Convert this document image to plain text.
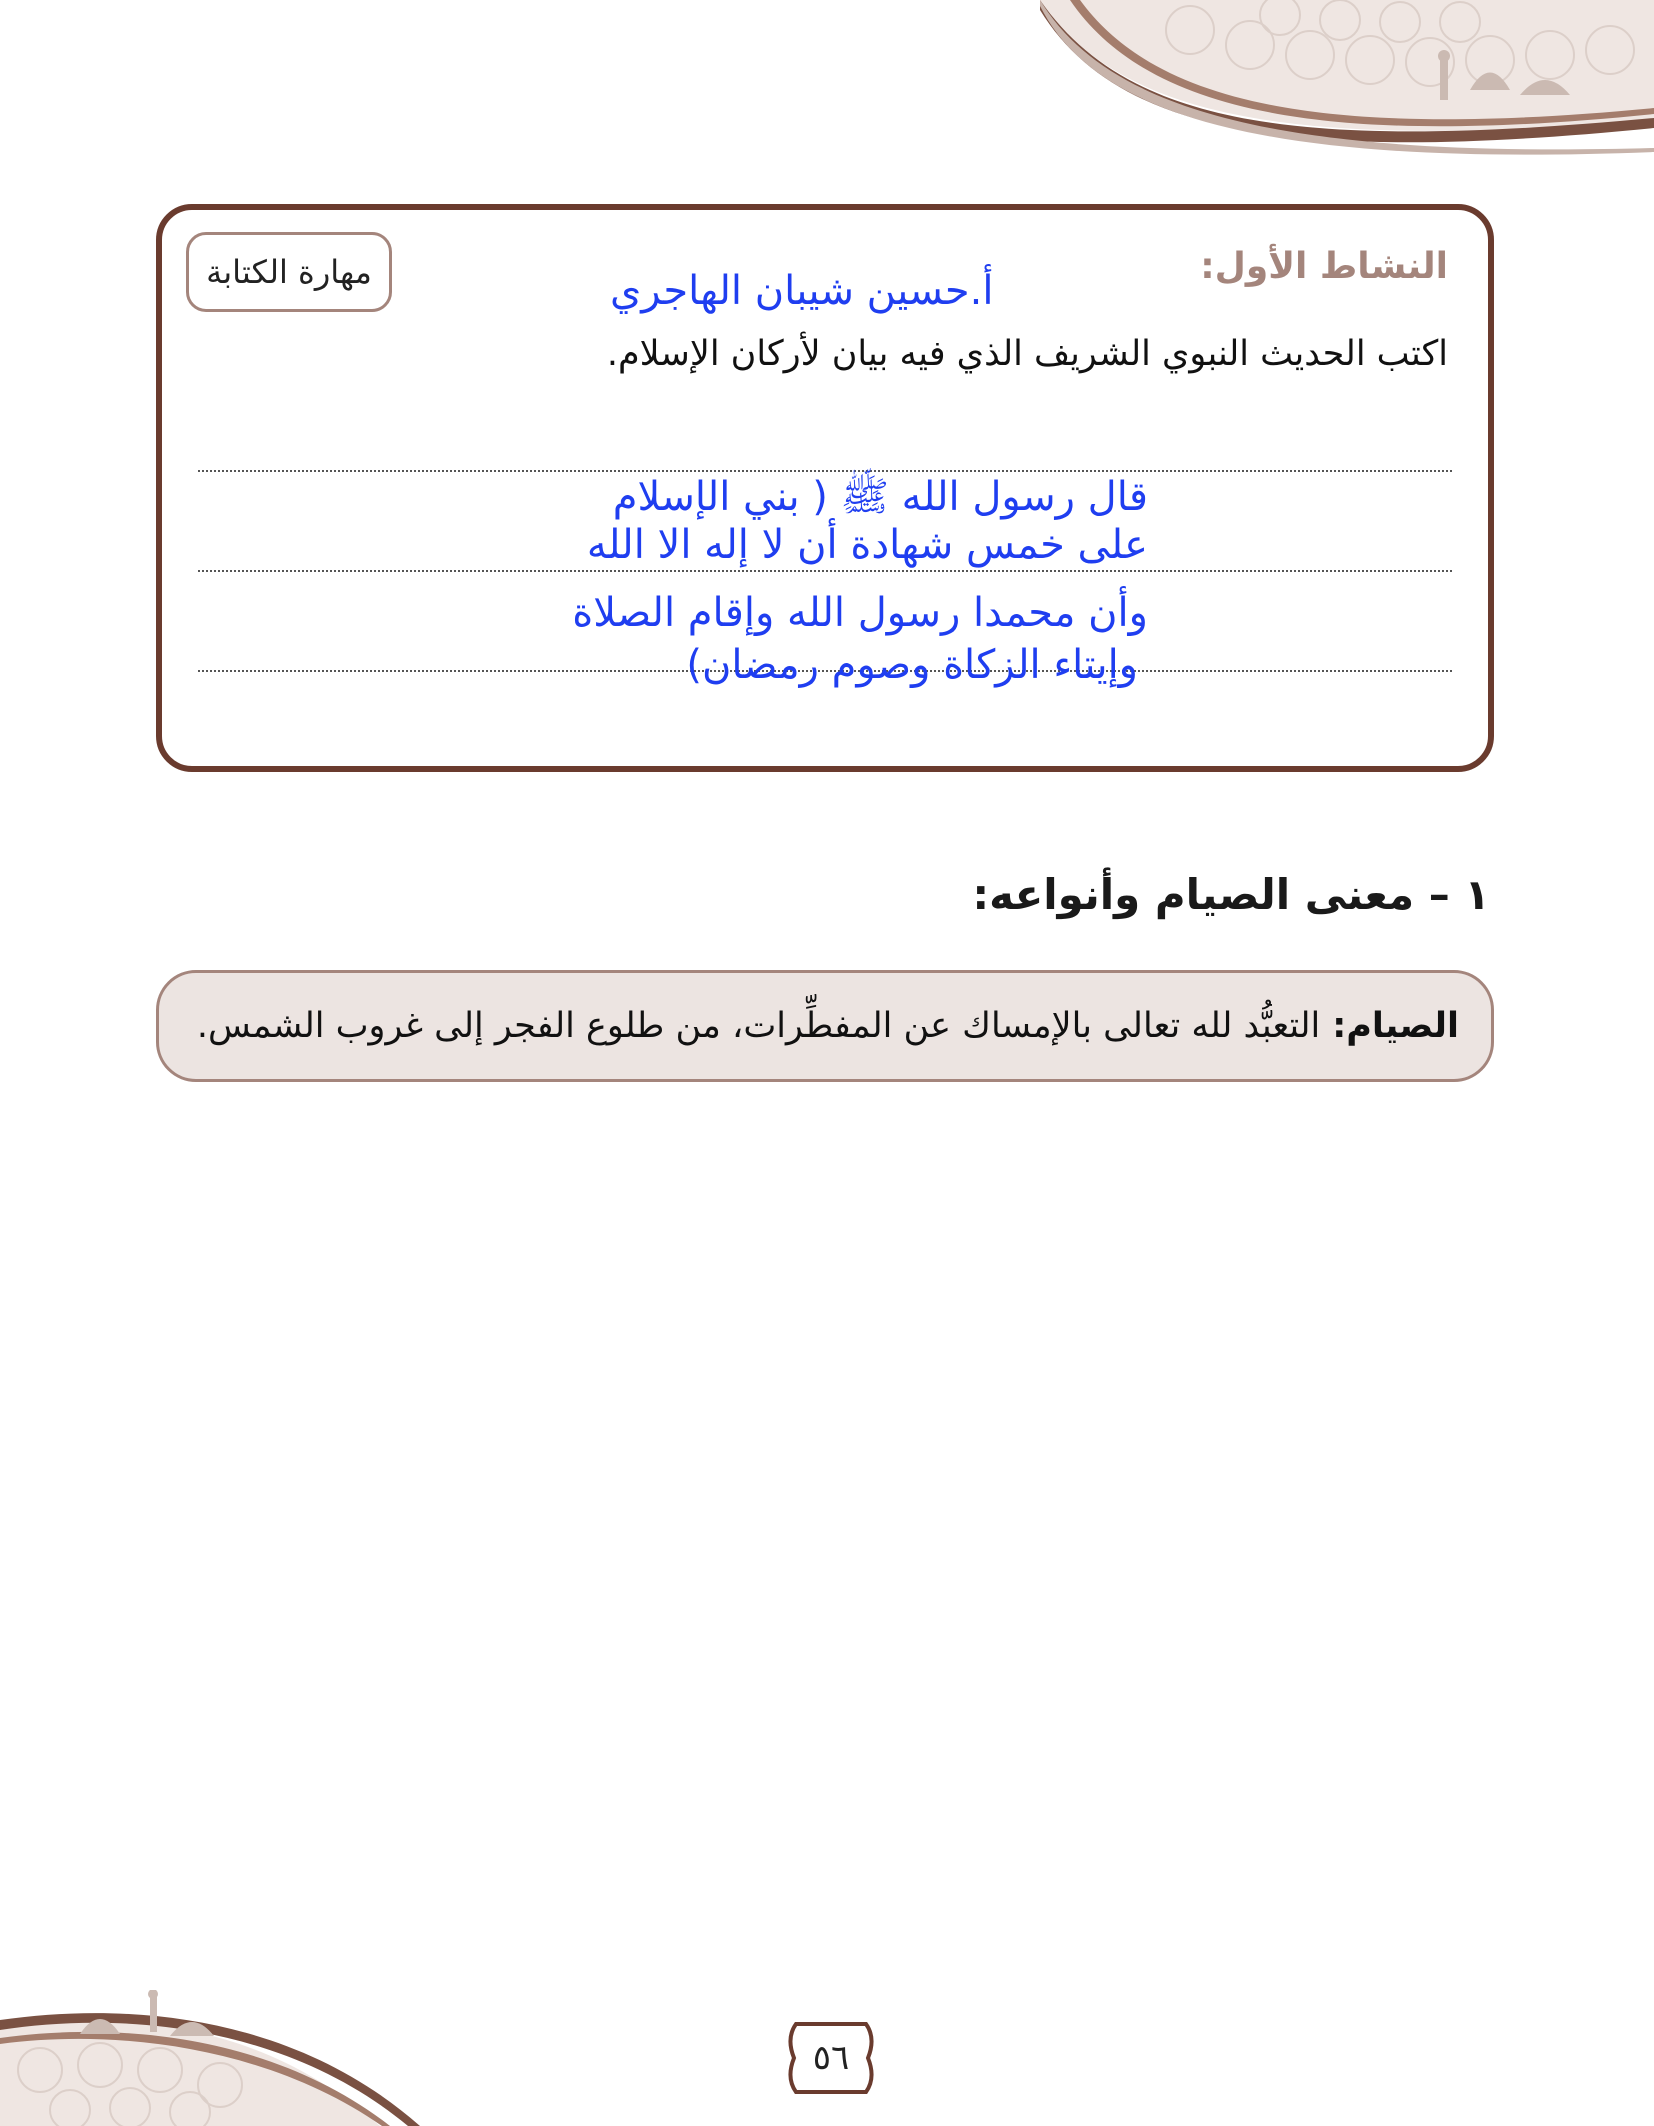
النشاط الأول:
مهارة الكتابة	أ.حسين شيبان الهاجري
اكتب الحديث النبوي الشريف الذي فيه بيان لأركان الإسلام.
قال رسول الله ﷺ ( بني الإسلام
على خمس شهادة أن لا إله الا الله
وأن محمدا رسول الله وإقام الصلاة
وإيتاء الزكاة وصوم رمضان)
١ – معنى الصيام وأنواعه:
الصيام:
التعبُّد لله تعالى بالإمساك عن المفطِّرات، من طلوع الفجر إلى غروب الشمس.
٥٦
